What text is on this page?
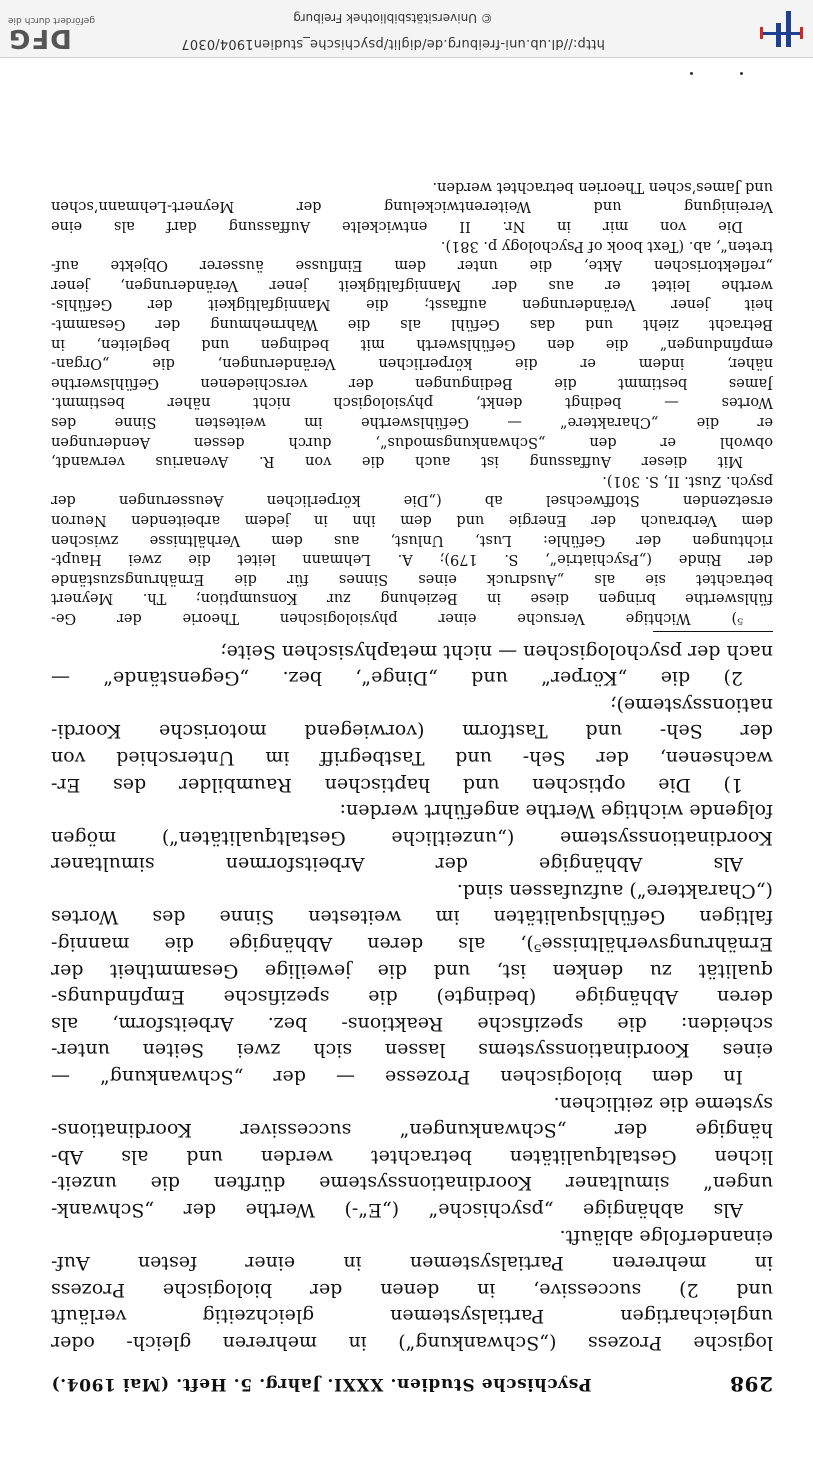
298
Psychische Studien. XXXI. Jahrg. 5. Heft. (Mai 1904.)
logische Prozess („Schwankung“) in mehreren gleich- oder
ungleichartigen Partialsystemen gleichzeitig verläuft
und 2) successive, in denen der biologische Prozess
in mehreren Partialsystemen in einer festen Auf-
einanderfolge abläuft.
Als abhängige „psychische“ („E“-) Werthe der „Schwank-
ungen“ simultaner Koordinationssysteme dürften die unzeit-
lichen Gestaltqualitäten betrachtet werden und als Ab-
hängige der „Schwankungen“ successiver Koordinations-
systeme die zeitlichen.
In dem biologischen Prozesse — der „Schwankung“ —
eines Koordinationssystems lassen sich zwei Seiten unter-
scheiden: die spezifische Reaktions- bez. Arbeitsform, als
deren Abhängige (bedingte) die spezifische Empfindungs-
qualität zu denken ist, und die jeweilige Gesammtheit der
Ernährungsverhältnisse⁵), als deren Abhängige die mannig-
faltigen Gefühlsqualitäten im weitesten Sinne des Wortes
(„Charaktere“) aufzufassen sind.
Als Abhängige der Arbeitsformen simultaner
Koordinationssysteme („unzeitliche Gestaltqualitäten“) mögen
folgende wichtige Werthe angeführt werden:
1) Die optischen und haptischen Raumbilder des Er-
wachsenen, der Seh- und Tastbegriff im Unterschied von
der Seh- und Tastform (vorwiegend motorische Koordi-
nationssysteme);
2) die „Körper“ und „Dinge“, bez. „Gegenstände“ —
nach der psychologischen — nicht metaphysischen Seite;
⁵) Wichtige Versuche einer physiologischen Theorie der Ge-
fühlswerthe bringen diese in Beziehung zur Konsumption; Th. Meynert
betrachtet sie als „Ausdruck eines Sinnes für die Ernährungszustände
der Rinde („Psychiatrie“, S. 179); A. Lehmann leitet die zwei Haupt-
richtungen der Gefühle: Lust, Unlust, aus dem Verhältnisse zwischen
dem Verbrauch der Energie und dem ihn in jedem arbeitenden Neuron
ersetzenden Stoffwechsel ab („Die körperlichen Aeusserungen der
psych. Zust. II, S. 301).
Mit dieser Auffassung ist auch die von R. Avenarius verwandt,
obwohl er den „Schwankungsmodus“, durch dessen Aenderungen
er die „Charaktere“ — Gefühlswerthe im weitesten Sinne des
Wortes — bedingt denkt, physiologisch nicht näher bestimmt.
James bestimmt die Bedingungen der verschiedenen Gefühlswerthe
näher, indem er die körperlichen Veränderungen, die „Organ-
empfindungen“ die den Gefühlswerth mit bedingen und begleiten, in
Betracht zieht und das Gefühl als die Wahrnehmung der Gesammt-
heit jener Veränderungen auffasst; die Mannigfaltigkeit der Gefühls-
werthe leitet er aus der Mannigfaltigkeit jener Veränderungen, jener
„reflektorischen Akte, die unter dem Einflusse äusserer Objekte auf-
treten“, ab. (Text book of Psychology p. 381).
Die von mir in Nr. II entwickelte Auffassung darf als eine
Vereinigung und Weiterentwickelung der Meynert-Lehmann’schen
und James’schen Theorien betrachtet werden.
http://dl.ub.uni-freiburg.de/diglit/psychische_studien1904/0307
© Universitätsbibliothek Freiburg
DFG
gefördert durch die
